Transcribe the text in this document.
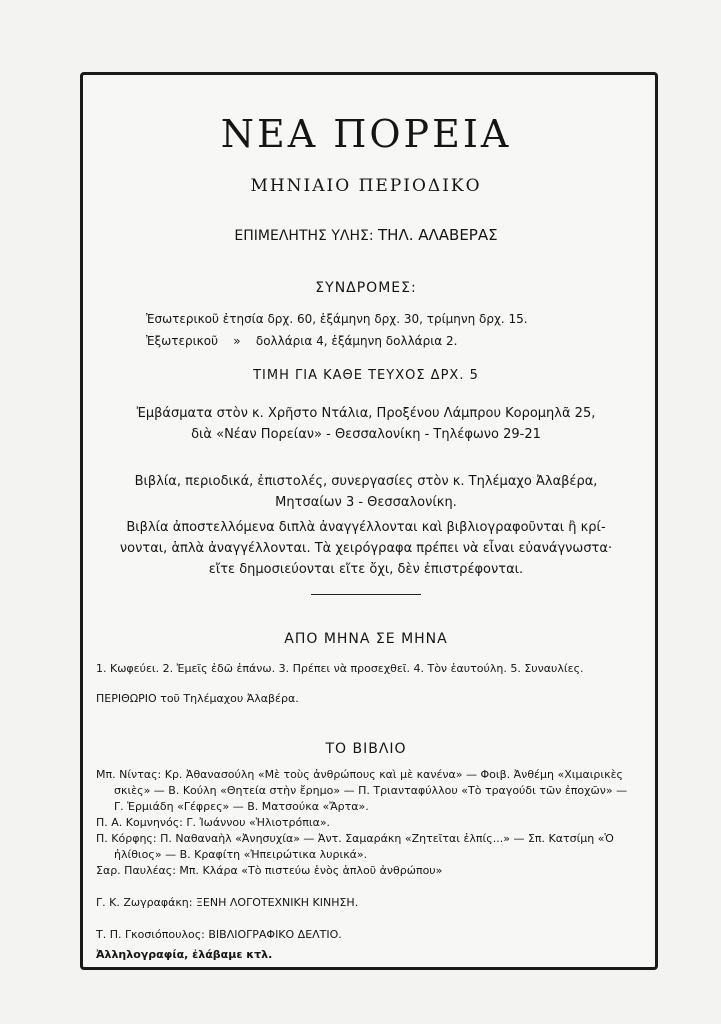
ΝΕΑ ΠΟΡΕΙΑ
ΜΗΝΙΑΙΟ ΠΕΡΙΟΔΙΚΟ
ΕΠΙΜΕΛΗΤΗΣ ΥΛΗΣ: ΤΗΛ. ΑΛΑΒΕΡΑΣ
ΣΥΝΔΡΟΜΕΣ:
Ἐσωτερικοῦ ἐτησία δρχ. 60, ἑξάμηνη δρχ. 30, τρίμηνη δρχ. 15.
Ἐξωτερικοῦ    »    δολλάρια 4, ἑξάμηνη δολλάρια 2.
ΤΙΜΗ ΓΙΑ ΚΑΘΕ ΤΕΥΧΟΣ ΔΡΧ. 5
Ἐμβάσματα στὸν κ. Χρῆστο Ντάλια, Προξένου Λάμπρου Κορομηλᾶ 25,
διὰ «Νέαν Πορείαν» - Θεσσαλονίκη - Τηλέφωνο 29-21
Βιβλία, περιοδικά, ἐπιστολές, συνεργασίες στὸν κ. Τηλέμαχο Ἀλαβέρα,
Μητσαίων 3 - Θεσσαλονίκη.
Βιβλία ἀποστελλόμενα διπλὰ ἀναγγέλλονται καὶ βιβλιογραφοῦνται ἢ κρί-
νονται, ἁπλὰ ἀναγγέλλονται. Τὰ χειρόγραφα πρέπει νὰ εἶναι εὐανάγνωστα·
εἴτε δημοσιεύονται εἴτε ὄχι, δὲν ἐπιστρέφονται.
ΑΠΟ ΜΗΝΑ ΣΕ ΜΗΝΑ
1. Κωφεύει. 2. Ἐμεῖς ἐδῶ ἐπάνω. 3. Πρέπει νὰ προσεχθεῖ. 4. Τὸν ἑαυτούλη. 5. Συναυλίες.
ΠΕΡΙΘΩΡΙΟ τοῦ Τηλέμαχου Ἀλαβέρα.
ΤΟ ΒΙΒΛΙΟ
Μπ. Νίντας: Κρ. Ἀθανασούλη «Μὲ τοὺς ἀνθρώπους καὶ μὲ κανένα» — Φοιβ. Ἀνθέμη «Χιμαιρικὲς σκιὲς» — Β. Κούλη «Θητεία στὴν ἔρημο» — Π. Τριανταφύλλου «Τὸ τραγούδι τῶν ἐποχῶν» — Γ. Ἑρμιάδη «Γέφρες» — Β. Ματσούκα «Ἄρτα».
Π. Α. Κομνηνός: Γ. Ἰωάννου «Ἡλιοτρόπια».
Π. Κόρφης: Π. Ναθαναὴλ «Ἀνησυχία» — Ἀντ. Σαμαράκη «Ζητεῖται ἐλπίς...» — Σπ. Κατσίμη «Ὁ ἠλίθιος» — Β. Κραφίτη «Ἠπειρώτικα λυρικά».
Σαρ. Παυλέας: Μπ. Κλάρα «Τὸ πιστεύω ἑνὸς ἁπλοῦ ἀνθρώπου»
Γ. Κ. Ζωγραφάκη: ΞΕΝΗ ΛΟΓΟΤΕΧΝΙΚΗ ΚΙΝΗΣΗ.
Τ. Π. Γκοσιόπουλος: ΒΙΒΛΙΟΓΡΑΦΙΚΟ ΔΕΛΤΙΟ.
Ἀλληλογραφία, ἐλάβαμε κτλ.
